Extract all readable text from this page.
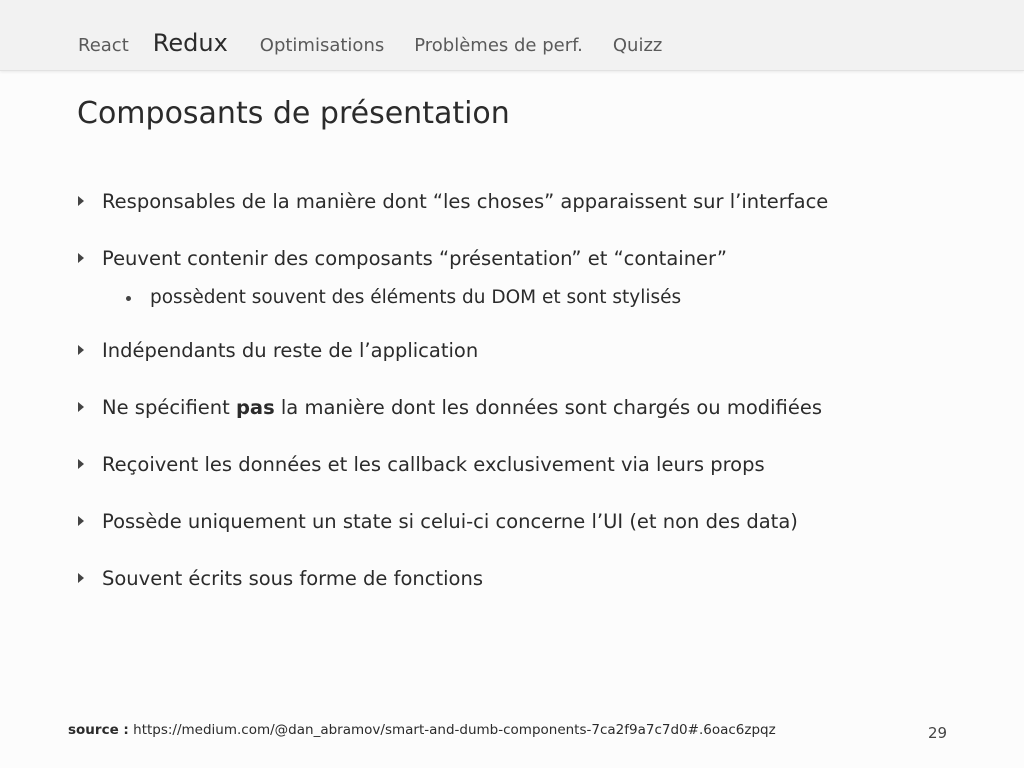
React Redux Optimisations Problèmes de perf. Quizz
Composants de présentation
Responsables de la manière dont “les choses” apparaissent sur l’interface
Peuvent contenir des composants “présentation” et “container”
possèdent souvent des éléments du DOM et sont stylisés
Indépendants du reste de l’application
Ne spécifient pas la manière dont les données sont chargés ou modifiées
Reçoivent les données et les callback exclusivement via leurs props
Possède uniquement un state si celui-ci concerne l’UI (et non des data)
Souvent écrits sous forme de fonctions
source : https://medium.com/@dan_abramov/smart-and-dumb-components-7ca2f9a7c7d0#.6oac6zpqz	29
